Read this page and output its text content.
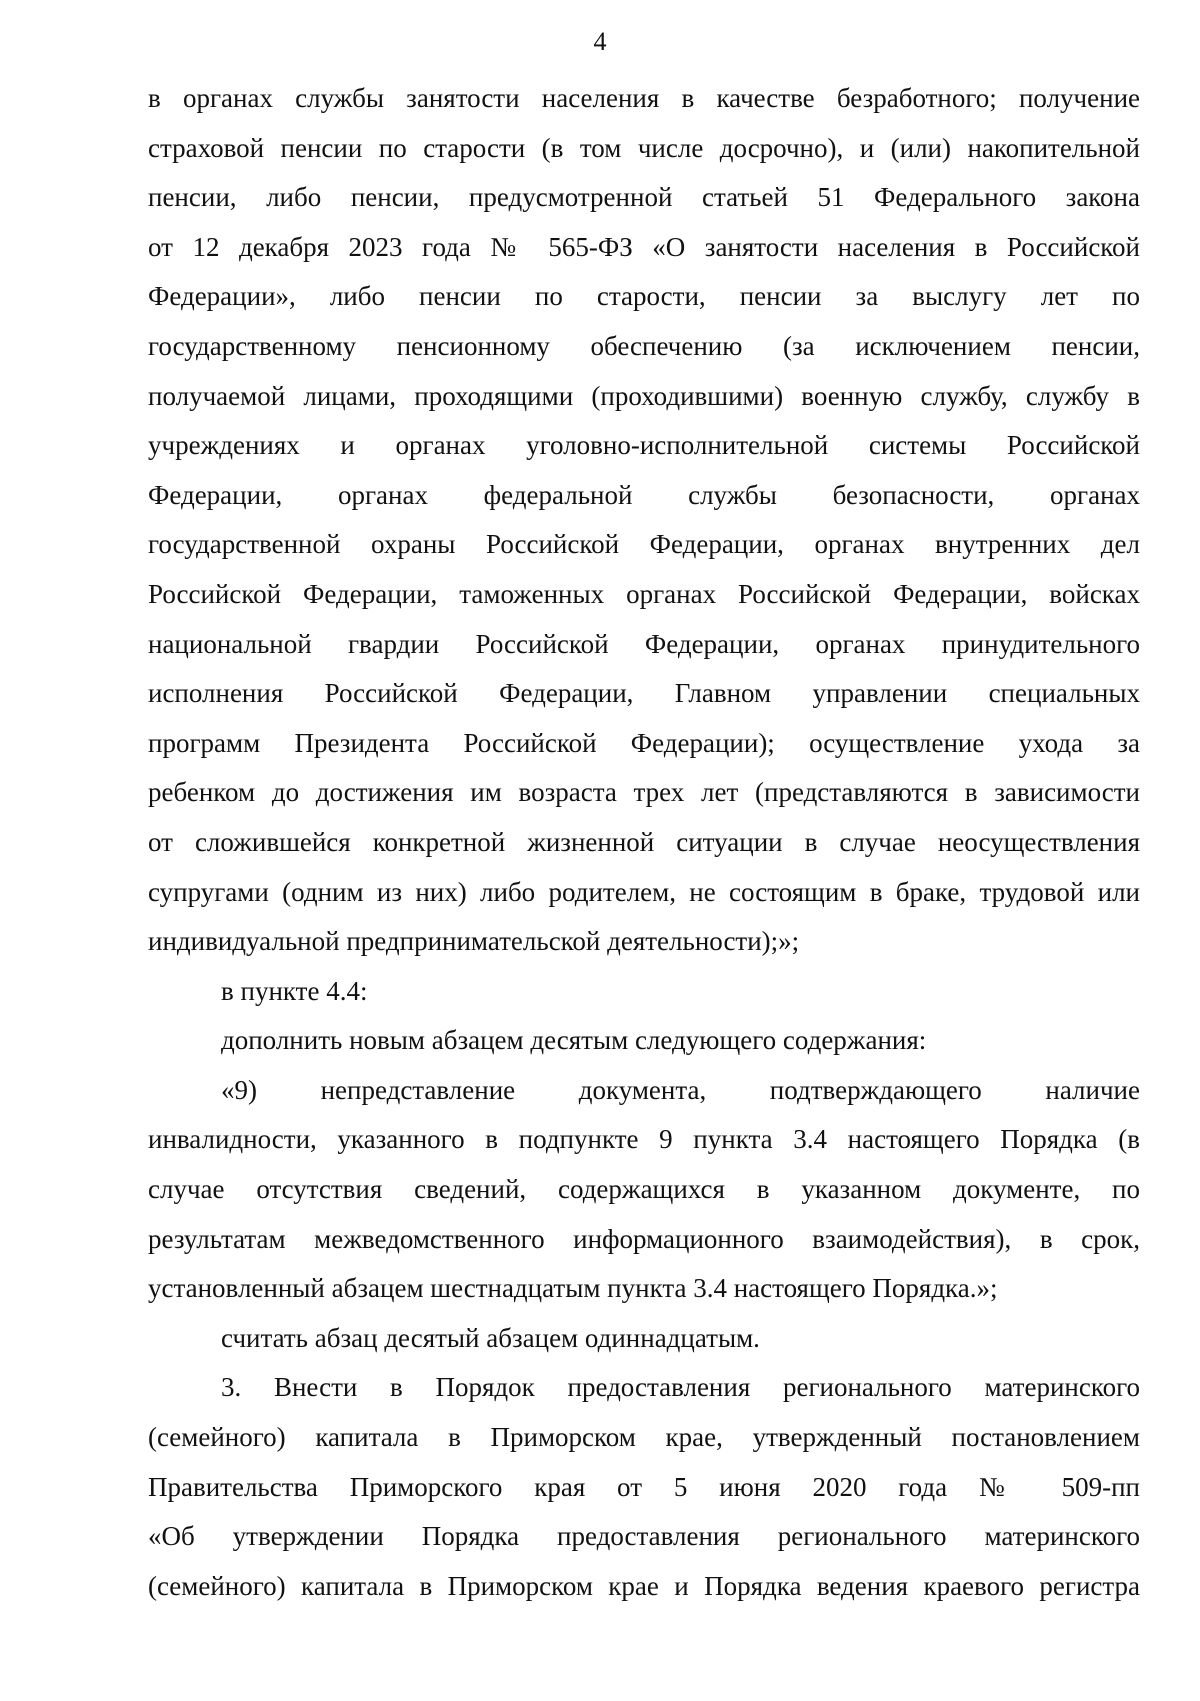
4
в органах службы занятости населения в качестве безработного; получение
страховой пенсии по старости (в том числе досрочно), и (или) накопительной
пенсии, либо пенсии, предусмотренной статьей 51 Федерального закона
от 12 декабря 2023 года № 565-ФЗ «О занятости населения в Российской
Федерации», либо пенсии по старости, пенсии за выслугу лет по
государственному пенсионному обеспечению (за исключением пенсии,
получаемой лицами, проходящими (проходившими) военную службу, службу в
учреждениях и органах уголовно-исполнительной системы Российской
Федерации, органах федеральной службы безопасности, органах
государственной охраны Российской Федерации, органах внутренних дел
Российской Федерации, таможенных органах Российской Федерации, войсках
национальной гвардии Российской Федерации, органах принудительного
исполнения Российской Федерации, Главном управлении специальных
программ Президента Российской Федерации); осуществление ухода за
ребенком до достижения им возраста трех лет (представляются в зависимости
от сложившейся конкретной жизненной ситуации в случае неосуществления
супругами (одним из них) либо родителем, не состоящим в браке, трудовой или
индивидуальной предпринимательской деятельности);»;
в пункте 4.4:
дополнить новым абзацем десятым следующего содержания:
«9) непредставление документа, подтверждающего наличие
инвалидности, указанного в подпункте 9 пункта 3.4 настоящего Порядка (в
случае отсутствия сведений, содержащихся в указанном документе, по
результатам межведомственного информационного взаимодействия), в срок,
установленный абзацем шестнадцатым пункта 3.4 настоящего Порядка.»;
считать абзац десятый абзацем одиннадцатым.
3. Внести в Порядок предоставления регионального материнского
(семейного) капитала в Приморском крае, утвержденный постановлением
Правительства Приморского края от 5 июня 2020 года № 509-пп
«Об утверждении Порядка предоставления регионального материнского
(семейного) капитала в Приморском крае и Порядка ведения краевого регистра
